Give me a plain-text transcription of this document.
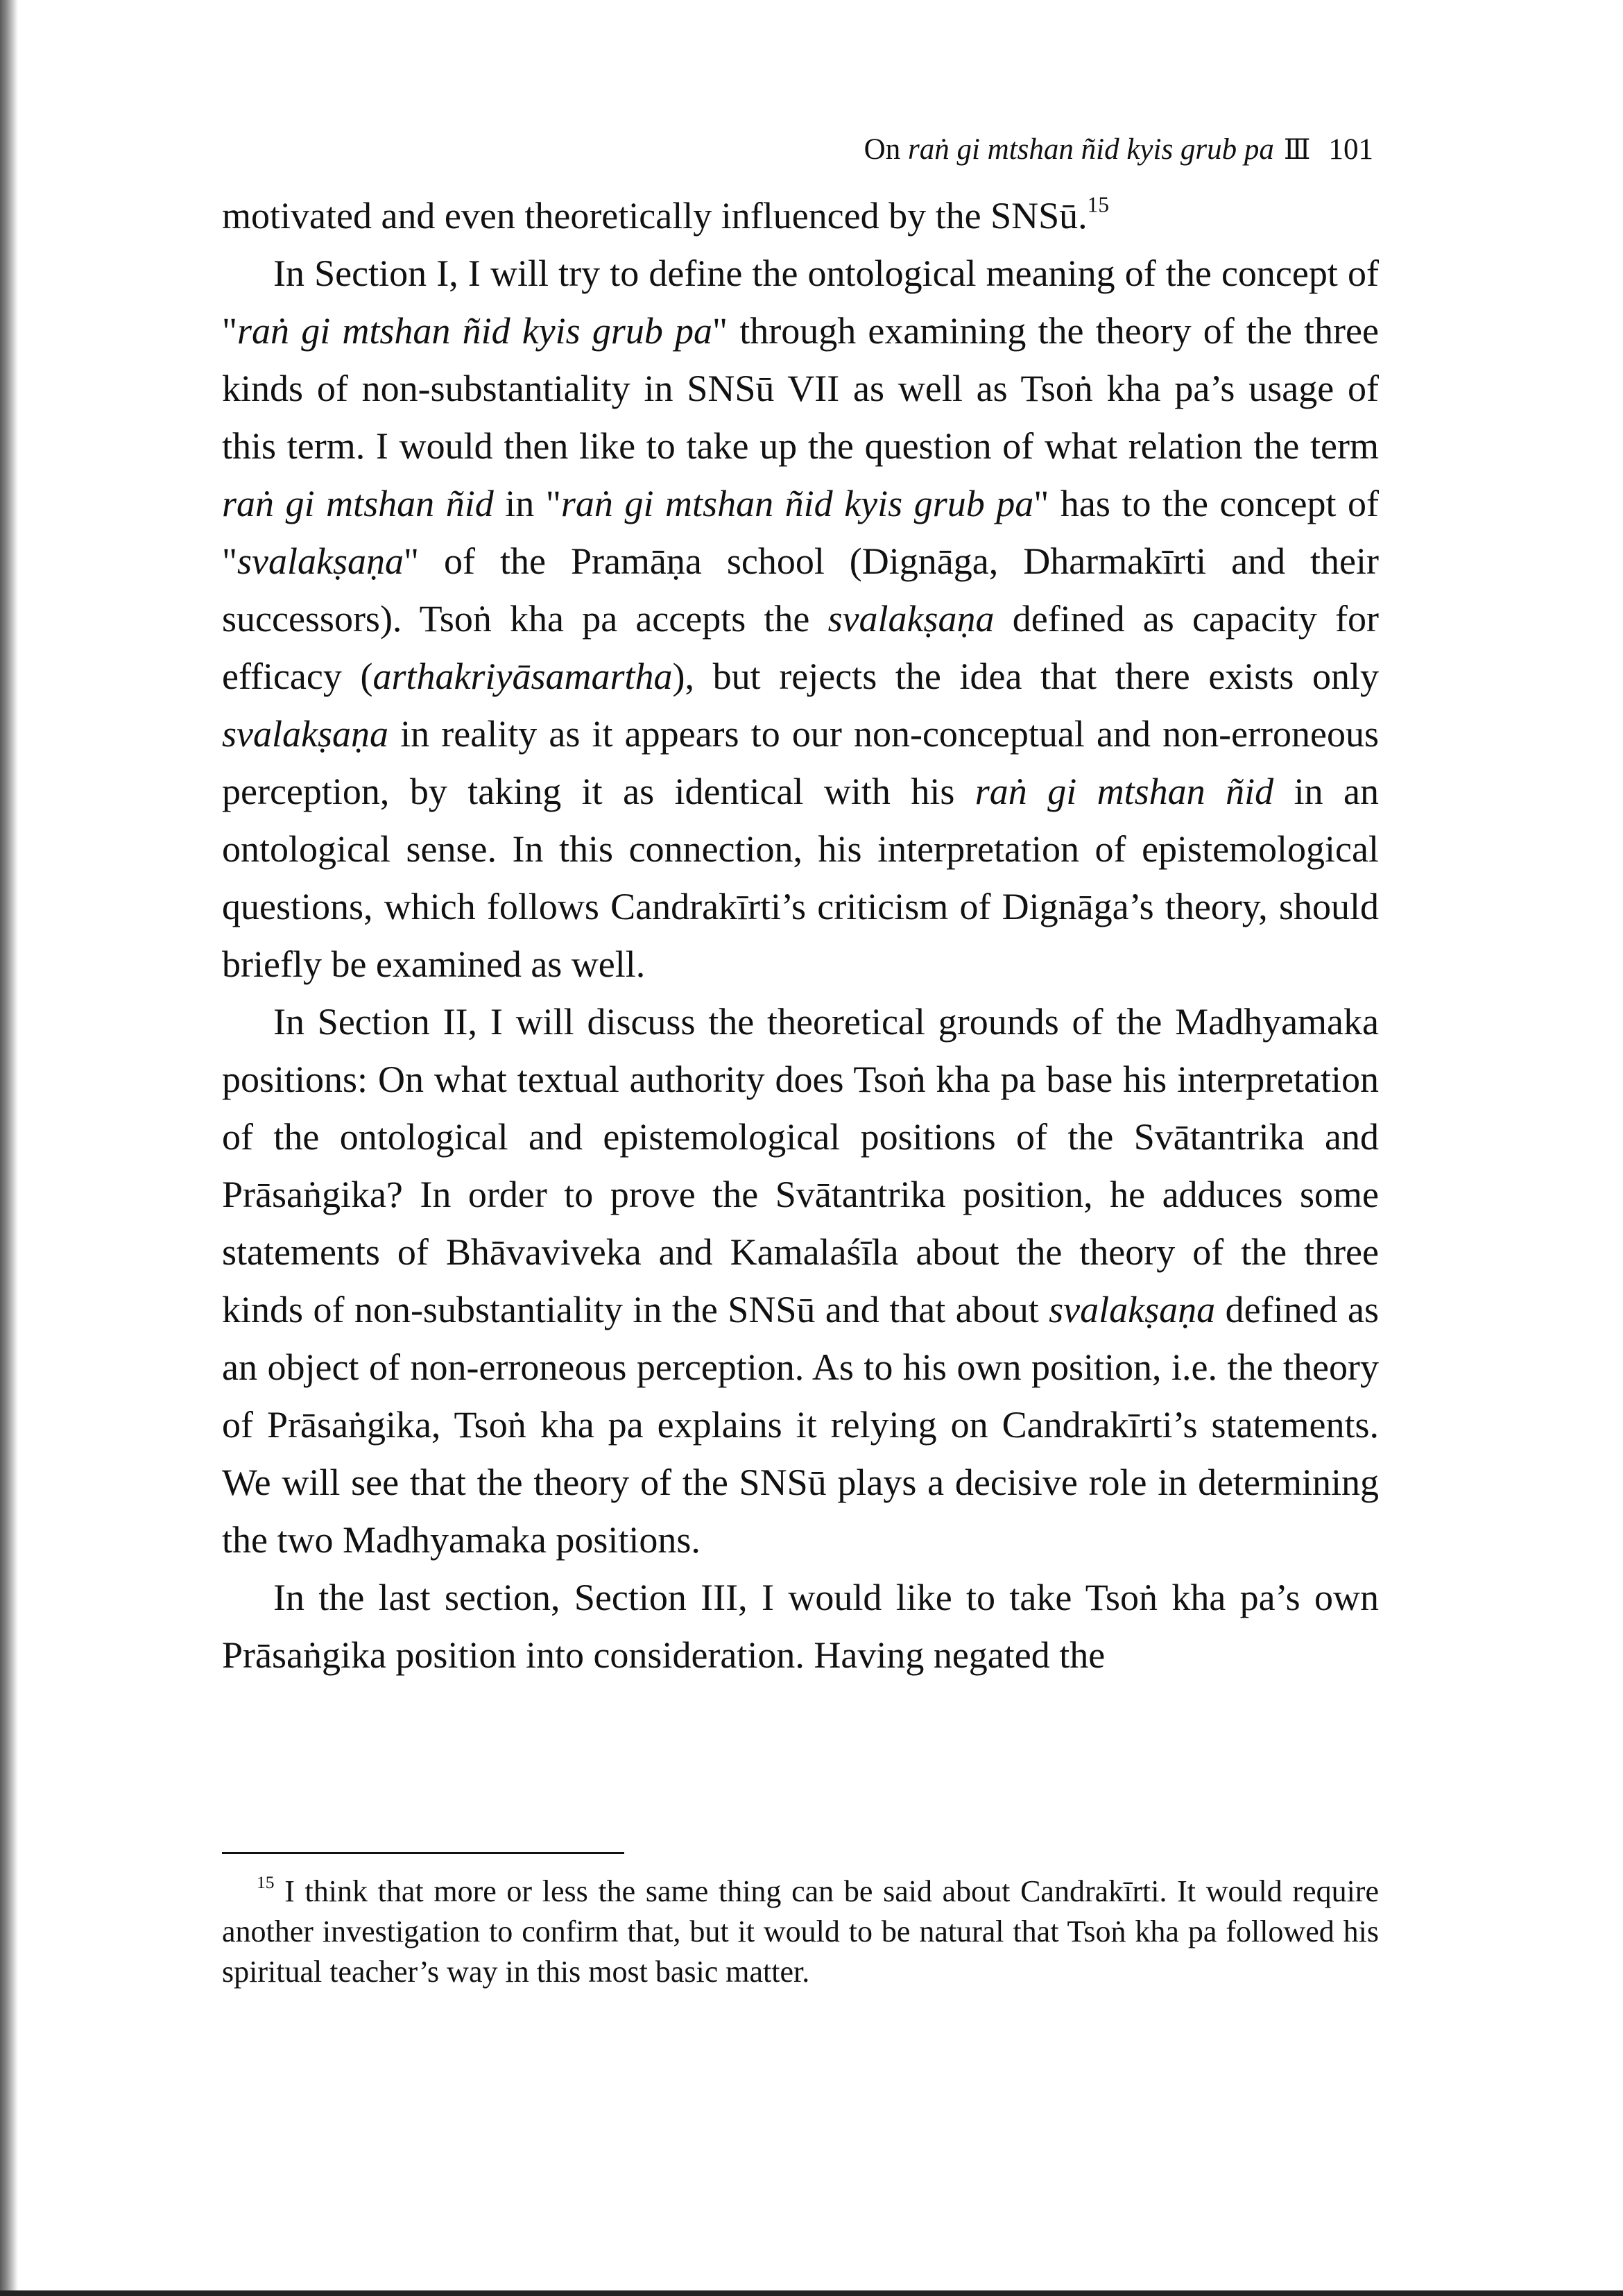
On raṅ gi mtshan ñid kyis grub pa Ⅲ 101

motivated and even theoretically influenced by the SNSū.$^{15}$

In Section I, I will try to define the ontological meaning of the concept of "raṅ gi mtshan ñid kyis grub pa" through examining the theory of the three kinds of non-substantiality in SNSū VII as well as Tsoṅ kha pa’s usage of this term. I would then like to take up the question of what relation the term raṅ gi mtshan ñid in "raṅ gi mtshan ñid kyis grub pa" has to the concept of "svalakṣaṇa" of the Pramāṇa school (Dignāga, Dharmakīrti and their successors). Tsoṅ kha pa accepts the svalakṣaṇa defined as capacity for efficacy (arthakriyāsamartha), but rejects the idea that there exists only svalakṣaṇa in reality as it appears to our non-conceptual and non-erroneous perception, by taking it as identical with his raṅ gi mtshan ñid in an ontological sense. In this connection, his interpretation of epistemological questions, which follows Candrakīrti’s criticism of Dignāga’s theory, should briefly be examined as well.

In Section II, I will discuss the theoretical grounds of the Madhyamaka positions: On what textual authority does Tsoṅ kha pa base his interpretation of the ontological and epistemological positions of the Svātantrika and Prāsaṅgika? In order to prove the Svātantrika position, he adduces some statements of Bhāvaviveka and Kamalaśīla about the theory of the three kinds of non-substantiality in the SNSū and that about svalakṣaṇa defined as an object of non-erroneous perception. As to his own position, i.e. the theory of Prāsaṅgika, Tsoṅ kha pa explains it relying on Candrakīrti’s statements. We will see that the theory of the SNSū plays a decisive role in determining the two Madhyamaka positions.

In the last section, Section III, I would like to take Tsoṅ kha pa’s own Prāsaṅgika position into consideration. Having negated the

$^{15}$ I think that more or less the same thing can be said about Candrakīrti. It would require another investigation to confirm that, but it would to be natural that Tsoṅ kha pa followed his spiritual teacher’s way in this most basic matter.
